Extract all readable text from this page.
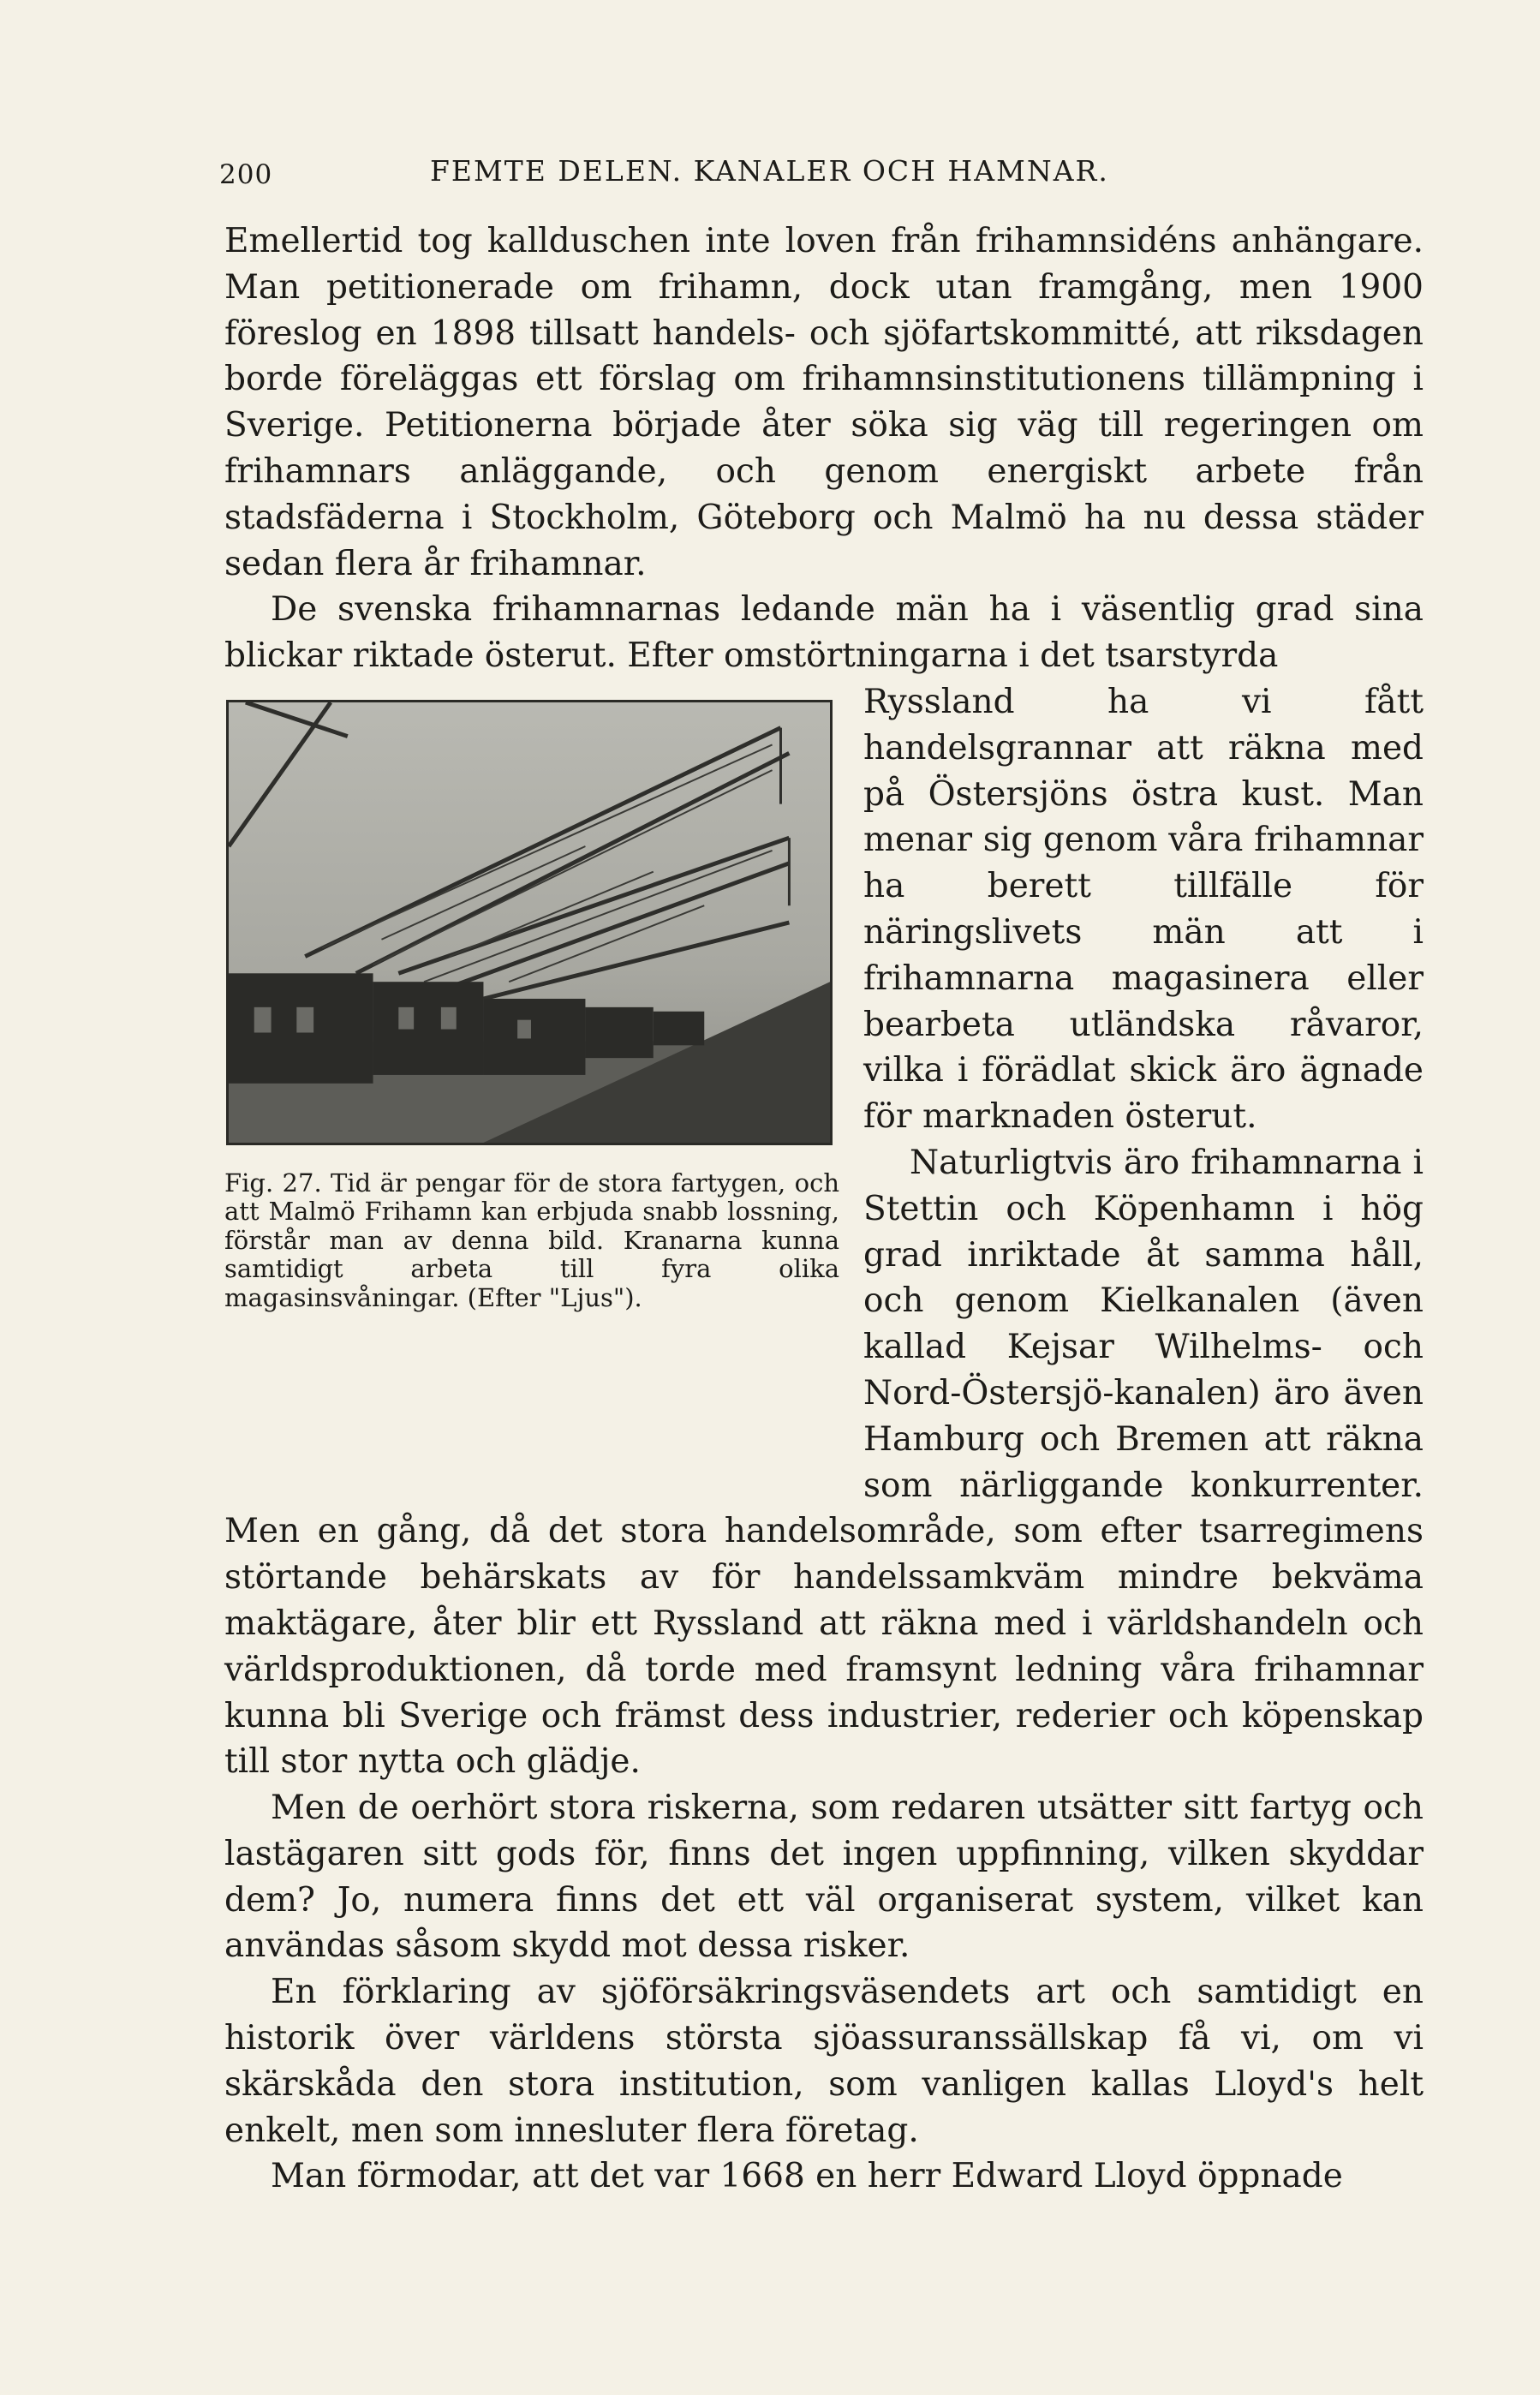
200	FEMTE DELEN. KANALER OCH HAMNAR.

Emellertid tog kallduschen inte loven från frihamnsidéns anhängare. Man petitionerade om frihamn, dock utan framgång, men 1900 föreslog en 1898 tillsatt handels- och sjöfartskommitté, att riksdagen borde föreläggas ett förslag om frihamnsinstitutionens tillämpning i Sverige. Petitionerna började åter söka sig väg till regeringen om frihamnars anläggande, och genom energiskt arbete från stadsfäderna i Stockholm, Göteborg och Malmö ha nu dessa städer sedan flera år frihamnar.

De svenska frihamnarnas ledande män ha i väsentlig grad sina blickar riktade österut. Efter omstörtningarna i det tsarstyrda

Fig. 27. Tid är pengar för de stora fartygen, och att Malmö Frihamn kan erbjuda snabb lossning, förstår man av denna bild. Kranarna kunna samtidigt arbeta till fyra olika magasinsvåningar. (Efter "Ljus").

Ryssland ha vi fått handelsgrannar att räkna med på Östersjöns östra kust. Man menar sig genom våra frihamnar ha berett tillfälle för näringslivets män att i frihamnarna magasinera eller bearbeta utländska råvaror, vilka i förädlat skick äro ägnade för marknaden österut.

Naturligtvis äro frihamnarna i Stettin och Köpenhamn i hög grad inriktade åt samma håll, och genom Kielkanalen (även kallad Kejsar Wilhelms- och Nord-Östersjö-kanalen) äro även Hamburg och Bremen att räkna som närliggande konkurrenter. Men en gång, då det stora handelsområde, som efter tsarregimens störtande behärskats av för handelssamkväm mindre bekväma maktägare, åter blir ett Ryssland att räkna med i världshandeln och världsproduktionen, då torde med framsynt ledning våra frihamnar kunna bli Sverige och främst dess industrier, rederier och köpenskap till stor nytta och glädje.

Men de oerhört stora riskerna, som redaren utsätter sitt fartyg och lastägaren sitt gods för, finns det ingen uppfinning, vilken skyddar dem? Jo, numera finns det ett väl organiserat system, vilket kan användas såsom skydd mot dessa risker.

En förklaring av sjöförsäkringsväsendets art och samtidigt en historik över världens största sjöassuranssällskap få vi, om vi skärskåda den stora institution, som vanligen kallas Lloyd's helt enkelt, men som innesluter flera företag.

Man förmodar, att det var 1668 en herr Edward Lloyd öppnade
